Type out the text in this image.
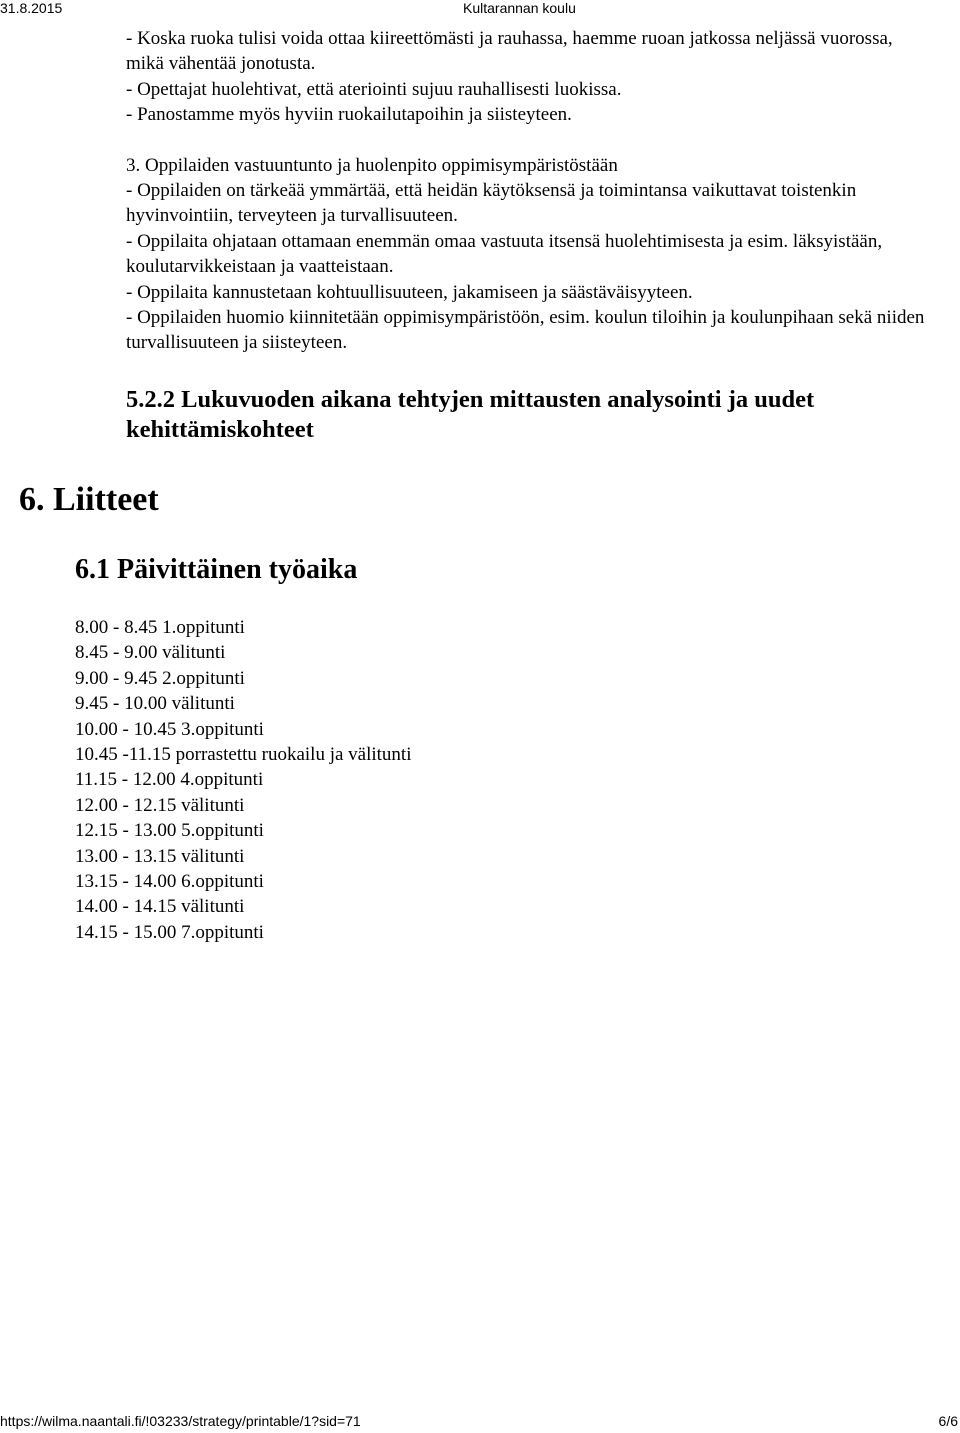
31.8.2015	Kultarannan koulu

- Koska ruoka tulisi voida ottaa kiireettömästi ja rauhassa, haemme ruoan jatkossa neljässä vuorossa, mikä vähentää jonotusta.
- Opettajat huolehtivat, että ateriointi sujuu rauhallisesti luokissa.
- Panostamme myös hyviin ruokailutapoihin ja siisteyteen.

3. Oppilaiden vastuuntunto ja huolenpito oppimisympäristöstään
- Oppilaiden on tärkeää ymmärtää, että heidän käytöksensä ja toimintansa vaikuttavat toistenkin hyvinvointiin, terveyteen ja turvallisuuteen.
- Oppilaita ohjataan ottamaan enemmän omaa vastuuta itsensä huolehtimisesta ja esim. läksyistään, koulutarvikkeistaan ja vaatteistaan.
- Oppilaita kannustetaan kohtuullisuuteen, jakamiseen ja säästäväisyyteen.
- Oppilaiden huomio kiinnitetään oppimisympäristöön, esim. koulun tiloihin ja koulunpihaan sekä niiden turvallisuuteen ja siisteyteen.

5.2.2 Lukuvuoden aikana tehtyjen mittausten analysointi ja uudet kehittämiskohteet
6. Liitteet
6.1 Päivittäinen työaika
8.00 - 8.45 1.oppitunti
8.45 - 9.00 välitunti
9.00 - 9.45 2.oppitunti
9.45 - 10.00 välitunti
10.00 - 10.45 3.oppitunti
10.45 -11.15 porrastettu ruokailu ja välitunti
11.15 - 12.00 4.oppitunti
12.00 - 12.15 välitunti
12.15 - 13.00 5.oppitunti
13.00 - 13.15 välitunti
13.15 - 14.00 6.oppitunti
14.00 - 14.15 välitunti
14.15 - 15.00 7.oppitunti
https://wilma.naantali.fi/!03233/strategy/printable/1?sid=71	6/6
